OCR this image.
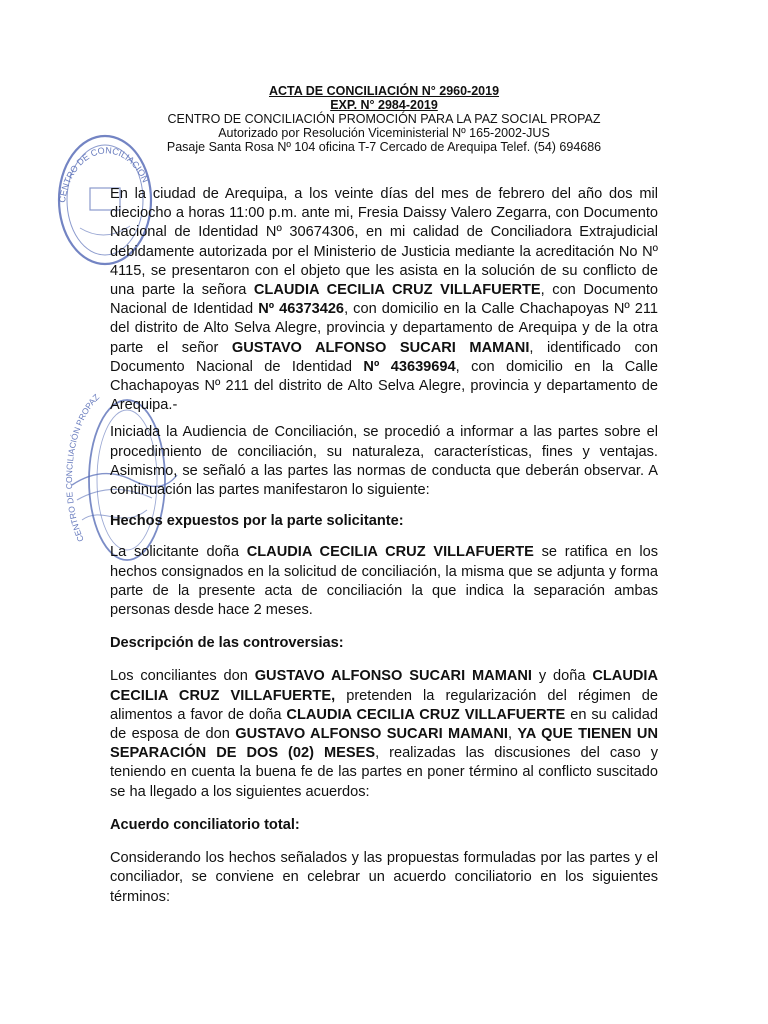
CENTRO DE CONCILIACION
CENTRO DE CONCILIACIÓN PROPAZ
ACTA DE CONCILIACIÓN N° 2960-2019
EXP. N° 2984-2019
CENTRO DE CONCILIACIÓN PROMOCIÓN PARA LA PAZ SOCIAL PROPAZ
Autorizado por Resolución Viceministerial Nº 165-2002-JUS
Pasaje Santa Rosa Nº 104 oficina T-7 Cercado de Arequipa Telef. (54) 694686

En la ciudad de Arequipa, a los veinte días del mes de febrero del año dos mil dieciocho a horas 11:00 p.m. ante mi, Fresia Daissy Valero Zegarra, con Documento Nacional de Identidad Nº 30674306, en mi calidad de Conciliadora Extrajudicial debidamente autorizada por el Ministerio de Justicia mediante la acreditación No Nº 4115, se presentaron con el objeto que les asista en la solución de su conflicto de una parte la señora CLAUDIA CECILIA CRUZ VILLAFUERTE, con Documento Nacional de Identidad Nº 46373426, con domicilio en la Calle Chachapoyas Nº 211 del distrito de Alto Selva Alegre, provincia y departamento de Arequipa y de la otra parte el señor GUSTAVO ALFONSO SUCARI MAMANI, identificado con Documento Nacional de Identidad Nº 43639694, con domicilio en la Calle Chachapoyas Nº 211 del distrito de Alto Selva Alegre, provincia y departamento de Arequipa.-

Iniciada la Audiencia de Conciliación, se procedió a informar a las partes sobre el procedimiento de conciliación, su naturaleza, características, fines y ventajas. Asimismo, se señaló a las partes las normas de conducta que deberán observar. A continuación las partes manifestaron lo siguiente:

Hechos expuestos por la parte solicitante:

La solicitante doña CLAUDIA CECILIA CRUZ VILLAFUERTE se ratifica en los hechos consignados en la solicitud de conciliación, la misma que se adjunta y forma parte de la presente acta de conciliación la que indica la separación ambas personas desde hace 2 meses.

Descripción de las controversias:

Los conciliantes don GUSTAVO ALFONSO SUCARI MAMANI y doña CLAUDIA CECILIA CRUZ VILLAFUERTE, pretenden la regularización del régimen de alimentos a favor de doña CLAUDIA CECILIA CRUZ VILLAFUERTE en su calidad de esposa de don GUSTAVO ALFONSO SUCARI MAMANI, YA QUE TIENEN UN SEPARACIÓN DE DOS (02) MESES, realizadas las discusiones del caso y teniendo en cuenta la buena fe de las partes en poner término al conflicto suscitado se ha llegado a los siguientes acuerdos:

Acuerdo conciliatorio total:

Considerando los hechos señalados y las propuestas formuladas por las partes y el conciliador, se conviene en celebrar un acuerdo conciliatorio en los siguientes términos:
